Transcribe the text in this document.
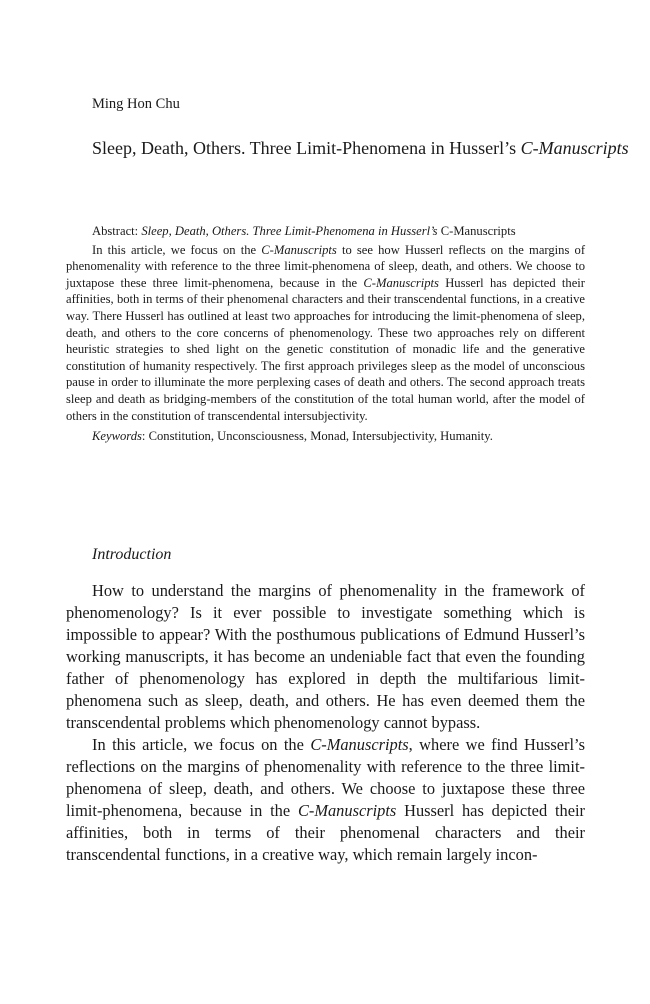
Ming Hon Chu

Sleep, Death, Others. Three Limit-Phenomena in Husserl’s C-Manuscripts

Abstract: Sleep, Death, Others. Three Limit-Phenomena in Husserl’s C-Manuscripts

In this article, we focus on the C-Manuscripts to see how Husserl reflects on the margins of phenomenality with reference to the three limit-phenomena of sleep, death, and others. We choose to juxtapose these three limit-phenomena, because in the C-Manuscripts Husserl has depicted their affinities, both in terms of their phenomenal characters and their transcendental functions, in a creative way. There Husserl has outlined at least two approaches for introducing the limit-phenomena of sleep, death, and others to the core concerns of phenomenology. These two approaches rely on different heuristic strategies to shed light on the genetic constitution of monadic life and the generative constitution of humanity respectively. The first approach privileges sleep as the model of unconscious pause in order to illuminate the more perplexing cases of death and others. The second approach treats sleep and death as bridging-members of the constitution of the total human world, after the model of others in the constitution of transcendental intersubjectivity.

Keywords: Constitution, Unconsciousness, Monad, Intersubjectivity, Humanity.

Introduction

How to understand the margins of phenomenality in the framework of phenomenology? Is it ever possible to investigate something which is impossible to appear? With the posthumous publications of Edmund Husserl’s working manuscripts, it has become an undeniable fact that even the founding father of phenomenology has explored in depth the multifarious limit-phenomena such as sleep, death, and others. He has even deemed them the transcendental problems which phenomenology cannot bypass.

In this article, we focus on the C-Manuscripts, where we find Husserl’s reflections on the margins of phenomenality with reference to the three limit-phenomena of sleep, death, and others. We choose to juxtapose these three limit-phenomena, because in the C-Manuscripts Husserl has depicted their affinities, both in terms of their phenomenal characters and their transcendental functions, in a creative way, which remain largely incon-
